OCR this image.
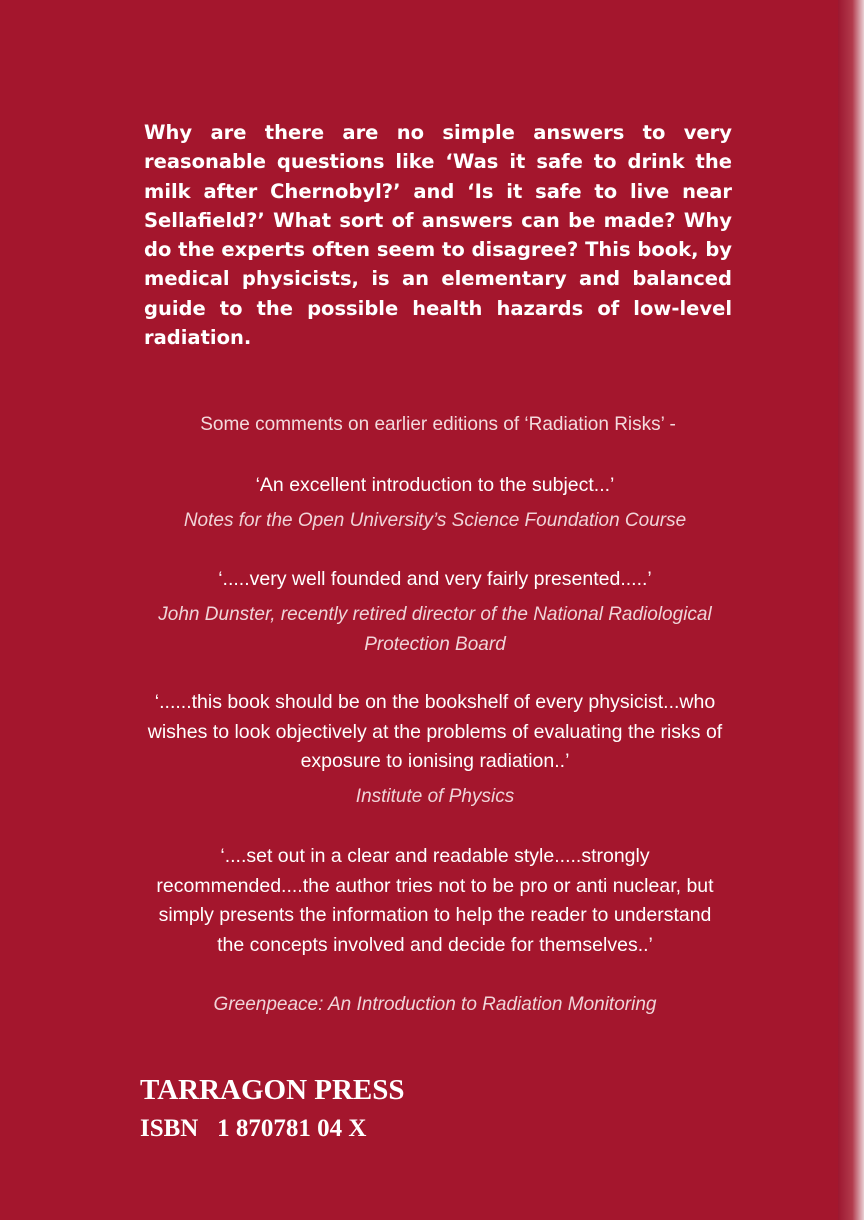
Why are there are no simple answers to very reasonable questions like ‘Was it safe to drink the milk after Chernobyl?’ and ‘Is it safe to live near Sellafield?’ What sort of answers can be made? Why do the experts often seem to disagree? This book, by medical physicists, is an elementary and balanced guide to the possible health hazards of low-level radiation.

Some comments on earlier editions of ‘Radiation Risks’ -

‘An excellent introduction to the subject...’

Notes for the Open University’s Science Foundation Course

‘.....very well founded and very fairly presented.....’

John Dunster, recently retired director of the National Radiological Protection Board

‘......this book should be on the bookshelf of every physicist...who wishes to look objectively at the problems of evaluating the risks of exposure to ionising radiation..’

Institute of Physics

‘....set out in a clear and readable style.....strongly recommended....the author tries not to be pro or anti nuclear, but simply presents the information to help the reader to understand the concepts involved and decide for themselves..’

Greenpeace: An Introduction to Radiation Monitoring

TARRAGON PRESS

ISBN   1 870781 04 X
